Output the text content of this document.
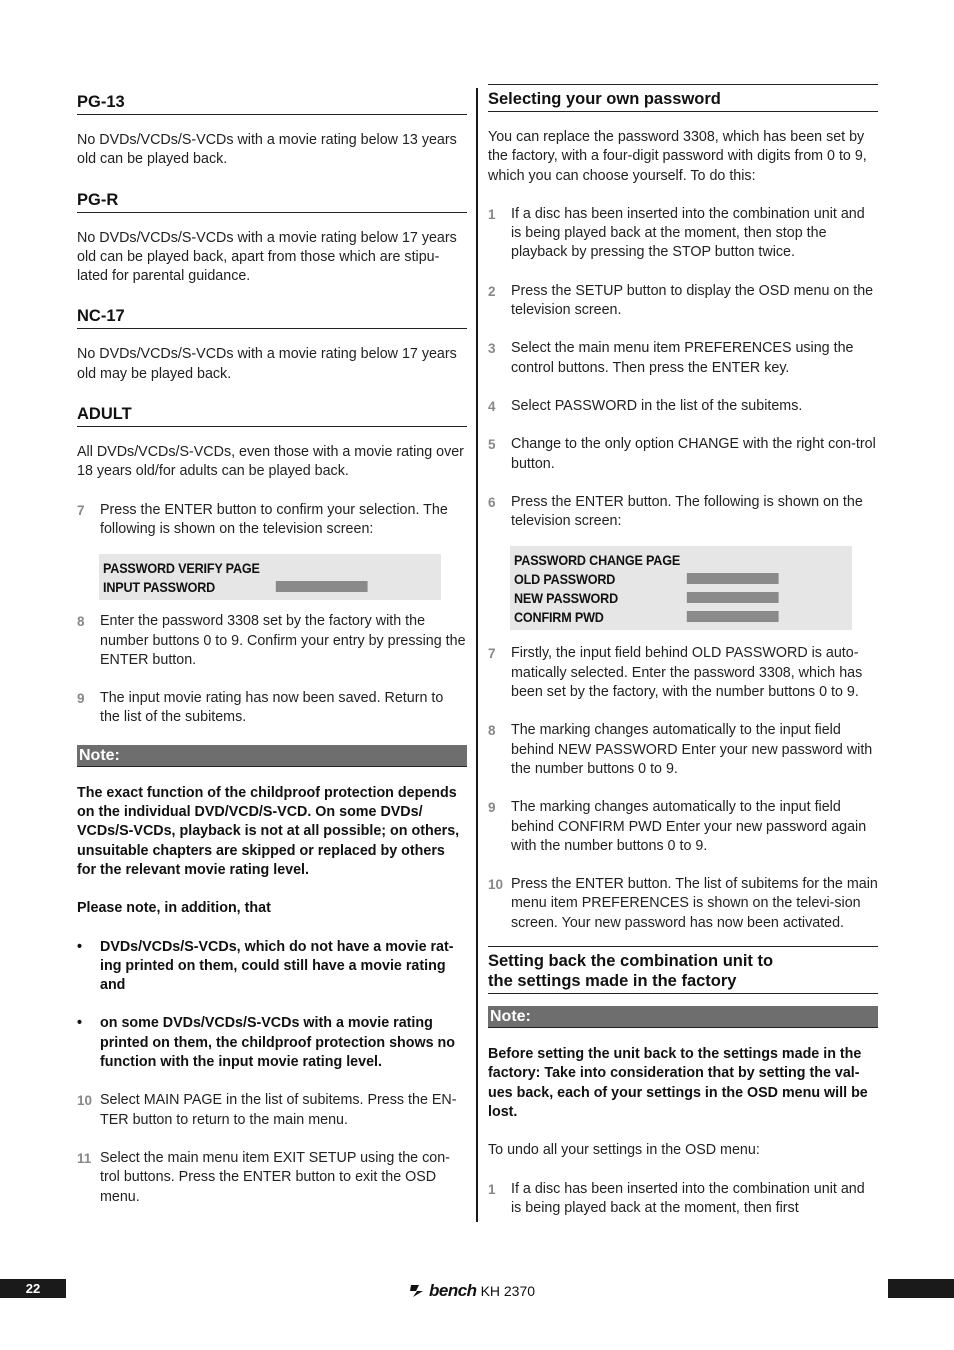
PG-13

No DVDs/VCDs/S-VCDs with a movie rating below 13 years old can be played back.

PG-R

No DVDs/VCDs/S-VCDs with a movie rating below 17 years old can be played back, apart from those which are stipu-lated for parental guidance.

NC-17

No DVDs/VCDs/S-VCDs with a movie rating below 17 years old may be played back.

ADULT

All DVDs/VCDs/S-VCDs, even those with a movie rating over 18 years old/for adults can be played back.

7	Press the ENTER button to confirm your selection. The following is shown on the television screen:
PASSWORD VERIFY PAGE
INPUT PASSWORD
8	Enter the password 3308 set by the factory with the number buttons 0 to 9. Confirm your entry by pressing the ENTER button.
9	The input movie rating has now been saved. Return to the list of the subitems.
Note:

The exact function of the childproof protection depends on the individual DVD/VCD/S-VCD. On some DVDs/ VCDs/S-VCDs, playback is not at all possible; on others, unsuitable chapters are skipped or replaced by others for the relevant movie rating level.

Please note, in addition, that

•	DVDs/VCDs/S-VCDs, which do not have a movie rat-ing printed on them, could still have a movie rating and
•	on some DVDs/VCDs/S-VCDs with a movie rating printed on them, the childproof protection shows no function with the input movie rating level.
10 Select MAIN PAGE in the list of subitems. Press the EN-TER button to return to the main menu.
11 Select the main menu item EXIT SETUP using the con-trol buttons. Press the ENTER button to exit the OSD menu.
Selecting your own password

You can replace the password 3308, which has been set by the factory, with a four-digit password with digits from 0 to 9, which you can choose yourself. To do this:

1	If a disc has been inserted into the combination unit and is being played back at the moment, then stop the playback by pressing the STOP button twice.
2	Press the SETUP button to display the OSD menu on the television screen.
3	Select the main menu item PREFERENCES using the control buttons. Then press the ENTER key.
4	Select PASSWORD in the list of the subitems.
5	Change to the only option CHANGE with the right con-trol button.
6	Press the ENTER button. The following is shown on the television screen:
PASSWORD CHANGE PAGE
OLD PASSWORD
NEW PASSWORD
CONFIRM PWD
7	Firstly, the input field behind OLD PASSWORD is auto-matically selected. Enter the password 3308, which has been set by the factory, with the number buttons 0 to 9.
8	The marking changes automatically to the input field behind NEW PASSWORD Enter your new password with the number buttons 0 to 9.
9	The marking changes automatically to the input field behind CONFIRM PWD Enter your new password again with the number buttons 0 to 9.
10 Press the ENTER button. The list of subitems for the main menu item PREFERENCES is shown on the televi-sion screen. Your new password has now been activated.
Setting back the combination unit to
the settings made in the factory
Note:

Before setting the unit back to the settings made in the factory: Take into consideration that by setting the val-ues back, each of your settings in the OSD menu will be lost.

To undo all your settings in the OSD menu:

1	If a disc has been inserted into the combination unit and is being played back at the moment, then first
22	bench KH 2370
